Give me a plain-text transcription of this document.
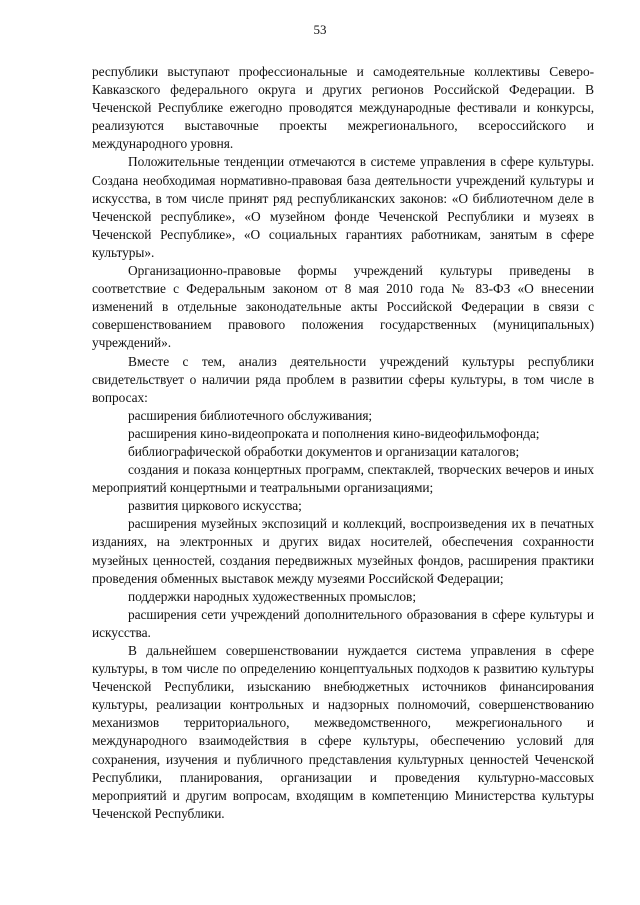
53

республики выступают профессиональные и самодеятельные коллективы Северо-Кавказского федерального округа и других регионов Российской Федерации. В Чеченской Республике ежегодно проводятся международные фестивали и конкурсы, реализуются выставочные проекты межрегионального, всероссийского и международного уровня.

Положительные тенденции отмечаются в системе управления в сфере культуры. Создана необходимая нормативно-правовая база деятельности учреждений культуры и искусства, в том числе принят ряд республиканских законов: «О библиотечном деле в Чеченской республике», «О музейном фонде Чеченской Республики и музеях в Чеченской Республике», «О социальных гарантиях работникам, занятым в сфере культуры».

Организационно-правовые формы учреждений культуры приведены в соответствие с Федеральным законом от 8 мая 2010 года № 83-ФЗ «О внесении изменений в отдельные законодательные акты Российской Федерации в связи с совершенствованием правового положения государственных (муниципальных) учреждений».

Вместе с тем, анализ деятельности учреждений культуры республики свидетельствует о наличии ряда проблем в развитии сферы культуры, в том числе в вопросах:

расширения библиотечного обслуживания;

расширения кино-видеопроката и пополнения кино-видеофильмофонда;

библиографической обработки документов и организации каталогов;

создания и показа концертных программ, спектаклей, творческих вечеров и иных мероприятий концертными и театральными организациями;

развития циркового искусства;

расширения музейных экспозиций и коллекций, воспроизведения их в печатных изданиях, на электронных и других видах носителей, обеспечения сохранности музейных ценностей, создания передвижных музейных фондов, расширения практики проведения обменных выставок между музеями Российской Федерации;

поддержки народных художественных промыслов;

расширения сети учреждений дополнительного образования в сфере культуры и искусства.

В дальнейшем совершенствовании нуждается система управления в сфере культуры, в том числе по определению концептуальных подходов к развитию культуры Чеченской Республики, изысканию внебюджетных источников финансирования культуры, реализации контрольных и надзорных полномочий, совершенствованию механизмов территориального, межведомственного, межрегионального и международного взаимодействия в сфере культуры, обеспечению условий для сохранения, изучения и публичного представления культурных ценностей Чеченской Республики, планирования, организации и проведения культурно-массовых мероприятий и другим вопросам, входящим в компетенцию Министерства культуры Чеченской Республики.
